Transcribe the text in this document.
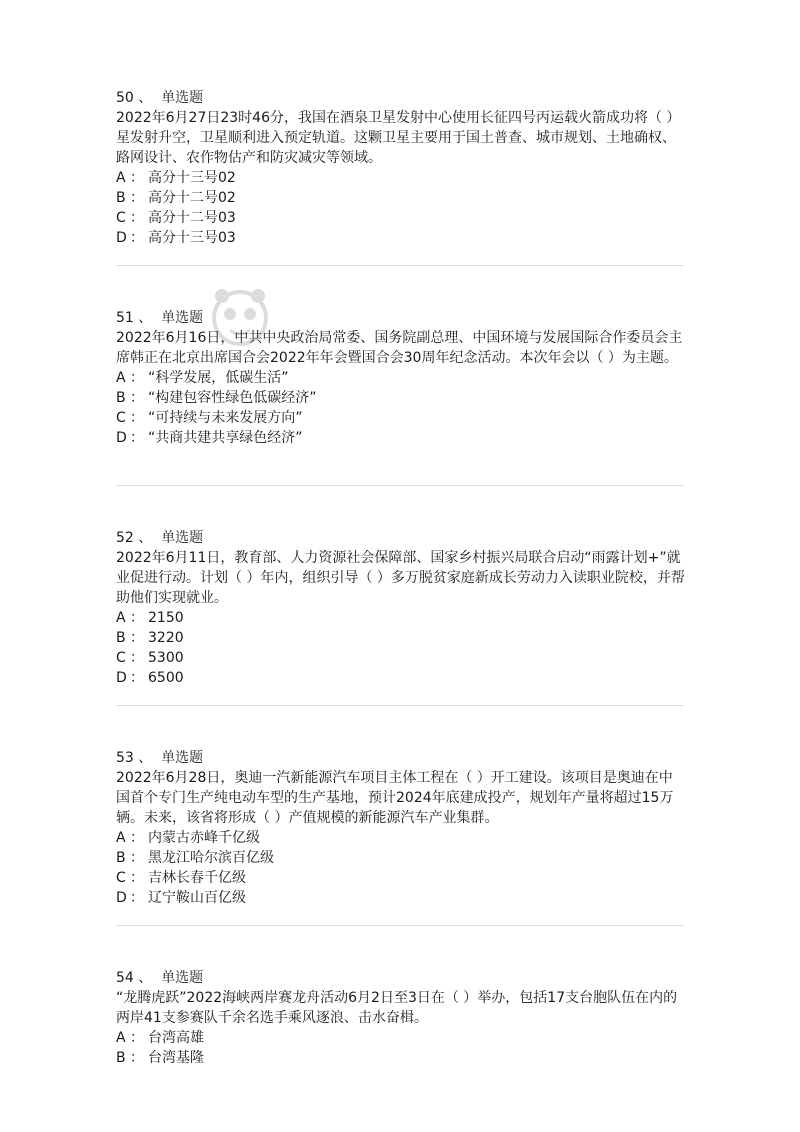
50 、 单选题

2022年6月27日23时46分，我国在酒泉卫星发射中心使用长征四号丙运载火箭成功将（ ）星发射升空，卫星顺利进入预定轨道。这颗卫星主要用于国土普查、城市规划、土地确权、路网设计、农作物估产和防灾减灾等领域。

A ： 高分十三号02
B ： 高分十二号02
C ： 高分十二号03
D ： 高分十三号03

51 、 单选题

2022年6月16日，中共中央政治局常委、国务院副总理、中国环境与发展国际合作委员会主席韩正在北京出席国合会2022年年会暨国合会30周年纪念活动。本次年会以（ ）为主题。

A ： “科学发展，低碳生活”
B ： “构建包容性绿色低碳经济”
C ： “可持续与未来发展方向”
D ： “共商共建共享绿色经济”

52 、 单选题

2022年6月11日，教育部、人力资源社会保障部、国家乡村振兴局联合启动“雨露计划+”就业促进行动。计划（ ）年内，组织引导（ ）多万脱贫家庭新成长劳动力入读职业院校，并帮助他们实现就业。

A ： 2150
B ： 3220
C ： 5300
D ： 6500

53 、 单选题

2022年6月28日，奥迪一汽新能源汽车项目主体工程在（ ）开工建设。该项目是奥迪在中国首个专门生产纯电动车型的生产基地，预计2024年底建成投产，规划年产量将超过15万辆。未来，该省将形成（ ）产值规模的新能源汽车产业集群。

A ： 内蒙古赤峰千亿级
B ： 黑龙江哈尔滨百亿级
C ： 吉林长春千亿级
D ： 辽宁鞍山百亿级

54 、 单选题

“龙腾虎跃”2022海峡两岸赛龙舟活动6月2日至3日在（ ）举办，包括17支台胞队伍在内的两岸41支参赛队千余名选手乘风逐浪、击水奋楫。

A ： 台湾高雄
B ： 台湾基隆
